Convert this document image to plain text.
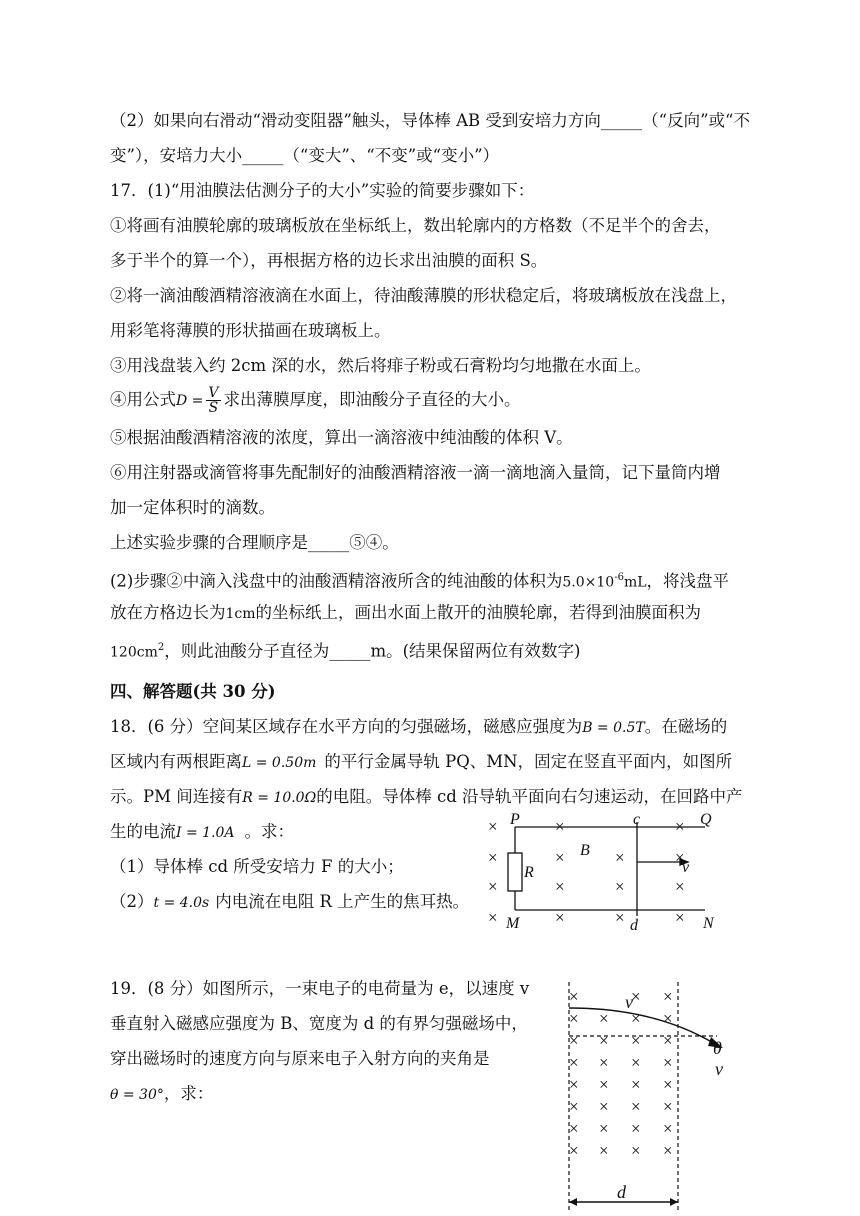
（2）如果向右滑动“滑动变阻器”触头，导体棒 AB 受到安培力方向_____（“反向”或“不
变”），安培力大小_____（“变大”、“不变”或“变小”）
17．(1)“用油膜法估测分子的大小”实验的简要步骤如下：
①将画有油膜轮廓的玻璃板放在坐标纸上，数出轮廓内的方格数（不足半个的舍去，
多于半个的算一个），再根据方格的边长求出油膜的面积 S。
②将一滴油酸酒精溶液滴在水面上，待油酸薄膜的形状稳定后，将玻璃板放在浅盘上，
用彩笔将薄膜的形状描画在玻璃板上。
③用浅盘装入约 2cm 深的水，然后将痱子粉或石膏粉均匀地撒在水面上。
④用公式$D = \frac{V}{S}$ 求出薄膜厚度，即油酸分子直径的大小。
⑤根据油酸酒精溶液的浓度，算出一滴溶液中纯油酸的体积 V。
⑥用注射器或滴管将事先配制好的油酸酒精溶液一滴一滴地滴入量筒，记下量筒内增
加一定体积时的滴数。
上述实验步骤的合理顺序是_____⑤④。
(2)步骤②中滴入浅盘中的油酸酒精溶液所含的纯油酸的体积为$5.0\times 10^{-6}mL$，将浅盘平
放在方格边长为1cm的坐标纸上，画出水面上散开的油膜轮廓，若得到油膜面积为
$120cm^2$，则此油酸分子直径为_____m。(结果保留两位有效数字)
四、解答题(共 30 分)
18．(6 分）空间某区域存在水平方向的匀强磁场，磁感应强度为B = 0.5T。在磁场的
区域内有两根距离L = 0.50m 的平行金属导轨 PQ、MN，固定在竖直平面内，如图所
示。PM 间连接有R = 10.0Ω的电阻。导体棒 cd 沿导轨平面向右匀速运动，在回路中产
生的电流I = 1.0A 。求：
（1）导体棒 cd 所受安培力 F 的大小；
（2）t = 4.0s 内电流在电阻 R 上产生的焦耳热。
×	×	×
×	×	×	×
×	×	×	×
×	×	×	×
P	Q
M	N
c
d
B
R	v
19．(8 分）如图所示，一束电子的电荷量为 e，以速度 v
垂直射入磁感应强度为 B、宽度为 d 的有界匀强磁场中，
穿出磁场时的速度方向与原来电子入射方向的夹角是
θ = 30°，求：
×	× ×
× × × ×
× × × ×
× × × ×
× × × ×
× × × ×
× × × ×
× × × ×
v
v
θ
d
